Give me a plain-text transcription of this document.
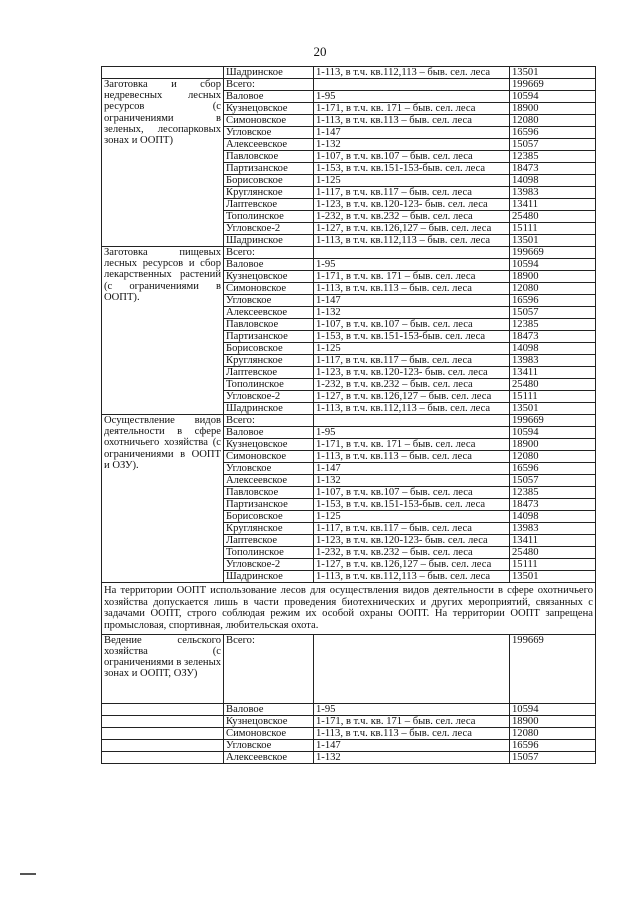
20
	Шадринское	1-113, в т.ч. кв.112,113 – быв. сел. леса	13501
Заготовка и сбор недревесных лесных ресурсов (с ограничениями в зеленых, лесопарковых зонах и ООПТ)	Всего:		199669
	Валовое	1-95	10594
	Кузнецовское	1-171, в т.ч. кв. 171 – быв. сел. леса	18900
	Симоновское	1-113, в т.ч. кв.113 – быв. сел. леса	12080
	Угловское	1-147	16596
	Алексеевское	1-132	15057
	Павловское	1-107, в т.ч. кв.107 – быв. сел. леса	12385
	Партизанское	1-153, в т.ч. кв.151-153-быв. сел. леса	18473
	Борисовское	1-125	14098
	Круглянское	1-117, в т.ч. кв.117 – быв. сел. леса	13983
	Лаптевское	1-123, в т.ч. кв.120-123- быв. сел. леса	13411
	Тополинское	1-232, в т.ч. кв.232 – быв. сел. леса	25480
	Угловское-2	1-127, в т.ч. кв.126,127 – быв. сел. леса	15111
	Шадринское	1-113, в т.ч. кв.112,113 – быв. сел. леса	13501
Заготовка пищевых лесных ресурсов и сбор лекарственных растений (с ограничениями в ООПТ).	Всего:		199669
	Валовое	1-95	10594
	Кузнецовское	1-171, в т.ч. кв. 171 – быв. сел. леса	18900
	Симоновское	1-113, в т.ч. кв.113 – быв. сел. леса	12080
	Угловское	1-147	16596
	Алексеевское	1-132	15057
	Павловское	1-107, в т.ч. кв.107 – быв. сел. леса	12385
	Партизанское	1-153, в т.ч. кв.151-153-быв. сел. леса	18473
	Борисовское	1-125	14098
	Круглянское	1-117, в т.ч. кв.117 – быв. сел. леса	13983
	Лаптевское	1-123, в т.ч. кв.120-123- быв. сел. леса	13411
	Тополинское	1-232, в т.ч. кв.232 – быв. сел. леса	25480
	Угловское-2	1-127, в т.ч. кв.126,127 – быв. сел. леса	15111
	Шадринское	1-113, в т.ч. кв.112,113 – быв. сел. леса	13501
Осуществление видов деятельности в сфере охотничьего хозяйства (с ограничениями в ООПТ и ОЗУ).	Всего:		199669
	Валовое	1-95	10594
	Кузнецовское	1-171, в т.ч. кв. 171 – быв. сел. леса	18900
	Симоновское	1-113, в т.ч. кв.113 – быв. сел. леса	12080
	Угловское	1-147	16596
	Алексеевское	1-132	15057
	Павловское	1-107, в т.ч. кв.107 – быв. сел. леса	12385
	Партизанское	1-153, в т.ч. кв.151-153-быв. сел. леса	18473
	Борисовское	1-125	14098
	Круглянское	1-117, в т.ч. кв.117 – быв. сел. леса	13983
	Лаптевское	1-123, в т.ч. кв.120-123- быв. сел. леса	13411
	Тополинское	1-232, в т.ч. кв.232 – быв. сел. леса	25480
	Угловское-2	1-127, в т.ч. кв.126,127 – быв. сел. леса	15111
	Шадринское	1-113, в т.ч. кв.112,113 – быв. сел. леса	13501
На территории ООПТ использование лесов для осуществления видов деятельности в сфере охотничьего хозяйства допускается лишь в части проведения биотехнических и других мероприятий, связанных с задачами ООПТ, строго соблюдая режим их особой охраны ООПТ. На территории ООПТ запрещена промысловая, спортивная, любительская охота.			
Ведение сельского хозяйства (с ограничениями в зеленых зонах и ООПТ, ОЗУ)	Всего:		199669
	Валовое	1-95	10594
	Кузнецовское	1-171, в т.ч. кв. 171 – быв. сел. леса	18900
	Симоновское	1-113, в т.ч. кв.113 – быв. сел. леса	12080
	Угловское	1-147	16596
	Алексеевское	1-132	15057
